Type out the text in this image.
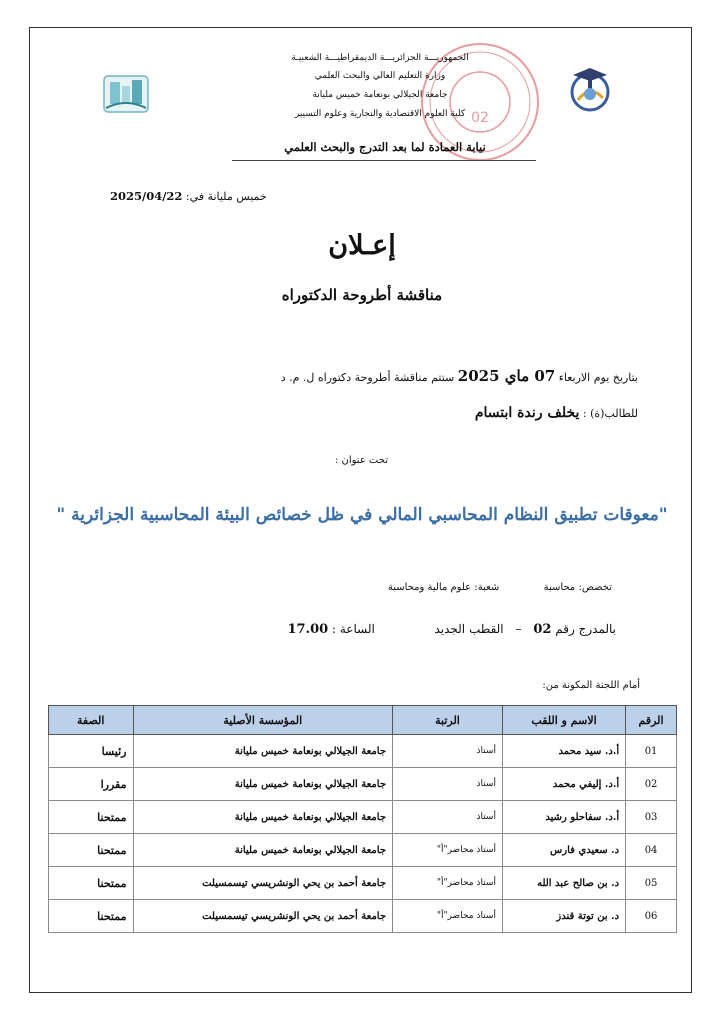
02
الجمهوريـــة الجزائريـــة الديمقراطيـــة الشعبيـة
وزارة التعليم العالي والبحث العلمي
جامعة الجيلالي بونعامة خميس مليانة
كلية العلوم الاقتصادية والتجارية وعلوم التسيير
نيابة العمادة لما بعد التدرج والبحث العلمي
خميس مليانة في: 2025/04/22
إعـلان
مناقشة أطروحة الدكتوراه
بتاريخ يوم الاربعاء 07 ماي 2025 ستتم مناقشة أطروحة دكتوراه ل. م. د
للطالب(ة) : يخلف رندة ابتسام
تحت عنوان :
"معوقات تطبيق النظام المحاسبي المالي في ظل خصائص البيئة المحاسبية الجزائرية "
تخصص: محاسبة  شعبة: علوم مالية ومحاسبة
بالمدرج رقم 02 – القطب الجديد  الساعة : 17.00
أمام اللجنة المكونة من:
الرقم	الاسم و اللقب	الرتبة	المؤسسة الأصلية	الصفة
01	أ.د. سيد محمد	أستاذ	جامعة الجيلالي بونعامة خميس مليانة	رئيسا
02	أ.د. إليفي محمد	أستاذ	جامعة الجيلالي بونعامة خميس مليانة	مقررا
03	أ.د. سفاحلو رشيد	أستاذ	جامعة الجيلالي بونعامة خميس مليانة	ممتحنا
04	د. سعيدي فارس	أستاذ محاضر"أ"	جامعة الجيلالي بونعامة خميس مليانة	ممتحنا
05	د. بن صالح عبد الله	أستاذ محاضر"أ"	جامعة أحمد بن يحي الونشريسي تيسمسيلت	ممتحنا
06	د. بن توتة قندز	أستاذ محاضر"أ"	جامعة أحمد بن يحي الونشريسي تيسمسيلت	ممتحنا
